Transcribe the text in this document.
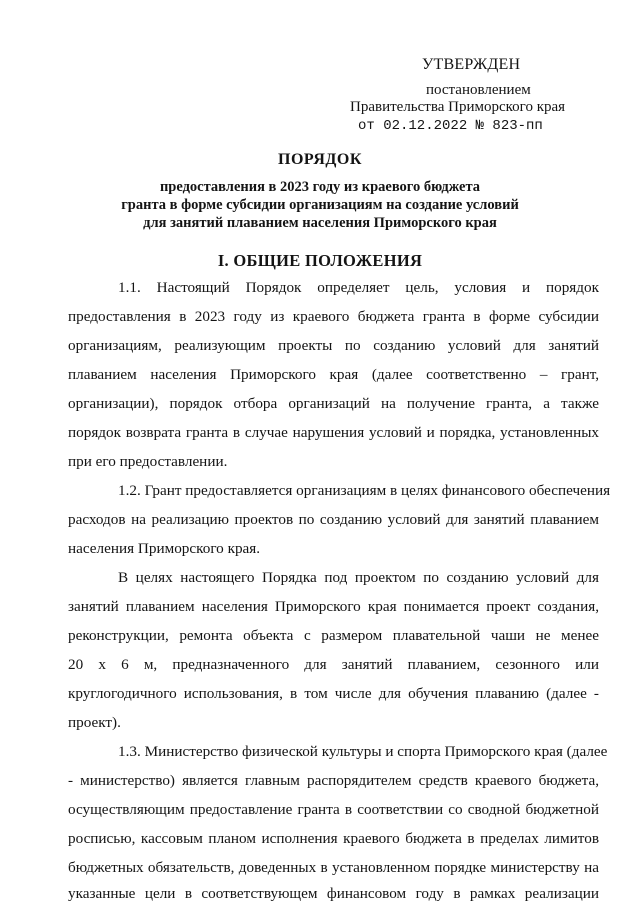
УТВЕРЖДЕН
постановлением
Правительства Приморского края
от 02.12.2022 № 823-пп
ПОРЯДОК
предоставления в 2023 году из краевого бюджета
гранта в форме субсидии организациям на создание условий
для занятий плаванием населения Приморского края
I. ОБЩИЕ ПОЛОЖЕНИЯ
1.1. Настоящий Порядок определяет цель, условия и порядок
предоставления в 2023 году из краевого бюджета гранта в форме субсидии
организациям, реализующим проекты по созданию условий для занятий
плаванием населения Приморского края (далее соответственно – грант,
организации), порядок отбора организаций на получение гранта, а также
порядок возврата гранта в случае нарушения условий и порядка, установленных
при его предоставлении.
1.2. Грант предоставляется организациям в целях финансового обеспечения
расходов на реализацию проектов по созданию условий для занятий плаванием
населения Приморского края.
В целях настоящего Порядка под проектом по созданию условий для
занятий плаванием населения Приморского края понимается проект создания,
реконструкции, ремонта объекта с размером плавательной чаши не менее
20 х 6 м, предназначенного для занятий плаванием, сезонного или
круглогодичного использования, в том числе для обучения плаванию (далее -
проект).
1.3. Министерство физической культуры и спорта Приморского края (далее
- министерство) является главным распорядителем средств краевого бюджета,
осуществляющим предоставление гранта в соответствии со сводной бюджетной
росписью, кассовым планом исполнения краевого бюджета в пределах лимитов
бюджетных обязательств, доведенных в установленном порядке министерству на
указанные цели в соответствующем финансовом году в рамках реализации
